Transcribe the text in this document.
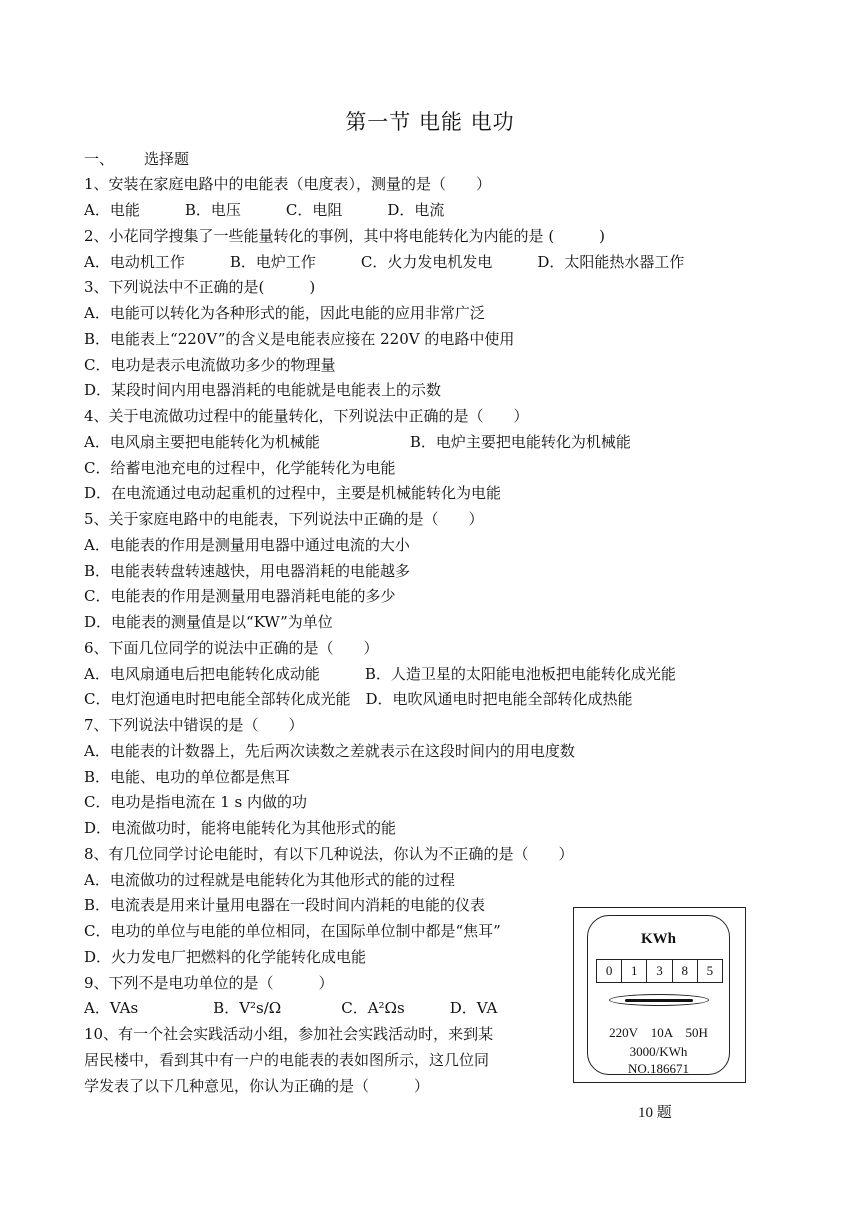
第一节 电能 电功
一、 选择题
1、安装在家庭电路中的电能表（电度表），测量的是（　　）
A．电能　　　B．电压　　　C．电阻　　　D．电流
2、小花同学搜集了一些能量转化的事例，其中将电能转化为内能的是 (　　　)
A．电动机工作　　　B．电炉工作　　　C．火力发电机发电　　　D．太阳能热水器工作
3、下列说法中不正确的是(　　　)
A．电能可以转化为各种形式的能，因此电能的应用非常广泛
B．电能表上“220V”的含义是电能表应接在 220V 的电路中使用
C．电功是表示电流做功多少的物理量
D．某段时间内用电器消耗的电能就是电能表上的示数
4、关于电流做功过程中的能量转化，下列说法中正确的是（　　）
A．电风扇主要把电能转化为机械能　　　　　　B．电炉主要把电能转化为机械能
C．给蓄电池充电的过程中，化学能转化为电能
D．在电流通过电动起重机的过程中，主要是机械能转化为电能
5、关于家庭电路中的电能表，下列说法中正确的是（　　）
A．电能表的作用是测量用电器中通过电流的大小
B．电能表转盘转速越快，用电器消耗的电能越多
C．电能表的作用是测量用电器消耗电能的多少
D．电能表的测量值是以“KW”为单位
6、下面几位同学的说法中正确的是（　　）
A．电风扇通电后把电能转化成动能　　　B．人造卫星的太阳能电池板把电能转化成光能
C．电灯泡通电时把电能全部转化成光能　D．电吹风通电时把电能全部转化成热能
7、下列说法中错误的是（　　）
A．电能表的计数器上，先后两次读数之差就表示在这段时间内的用电度数
B．电能、电功的单位都是焦耳
C．电功是指电流在 1 s 内做的功
D．电流做功时，能将电能转化为其他形式的能
8、有几位同学讨论电能时，有以下几种说法，你认为不正确的是（　　）
A．电流做功的过程就是电能转化为其他形式的能的过程
B．电流表是用来计量用电器在一段时间内消耗的电能的仪表
C．电功的单位与电能的单位相同，在国际单位制中都是“焦耳”
D．火力发电厂把燃料的化学能转化成电能
9、下列不是电功单位的是（　　　）
A．VAs　　　　　B．V²s/Ω　　　　C．A²Ωs　　　D．VA
10、有一个社会实践活动小组，参加社会实践活动时，来到某
居民楼中，看到其中有一户的电能表的表如图所示，这几位同
学发表了以下几种意见，你认为正确的是（　　　）
KWh
0	1	3	8	5
220V　10A　50H
3000/KWh
NO.186671
10 题
